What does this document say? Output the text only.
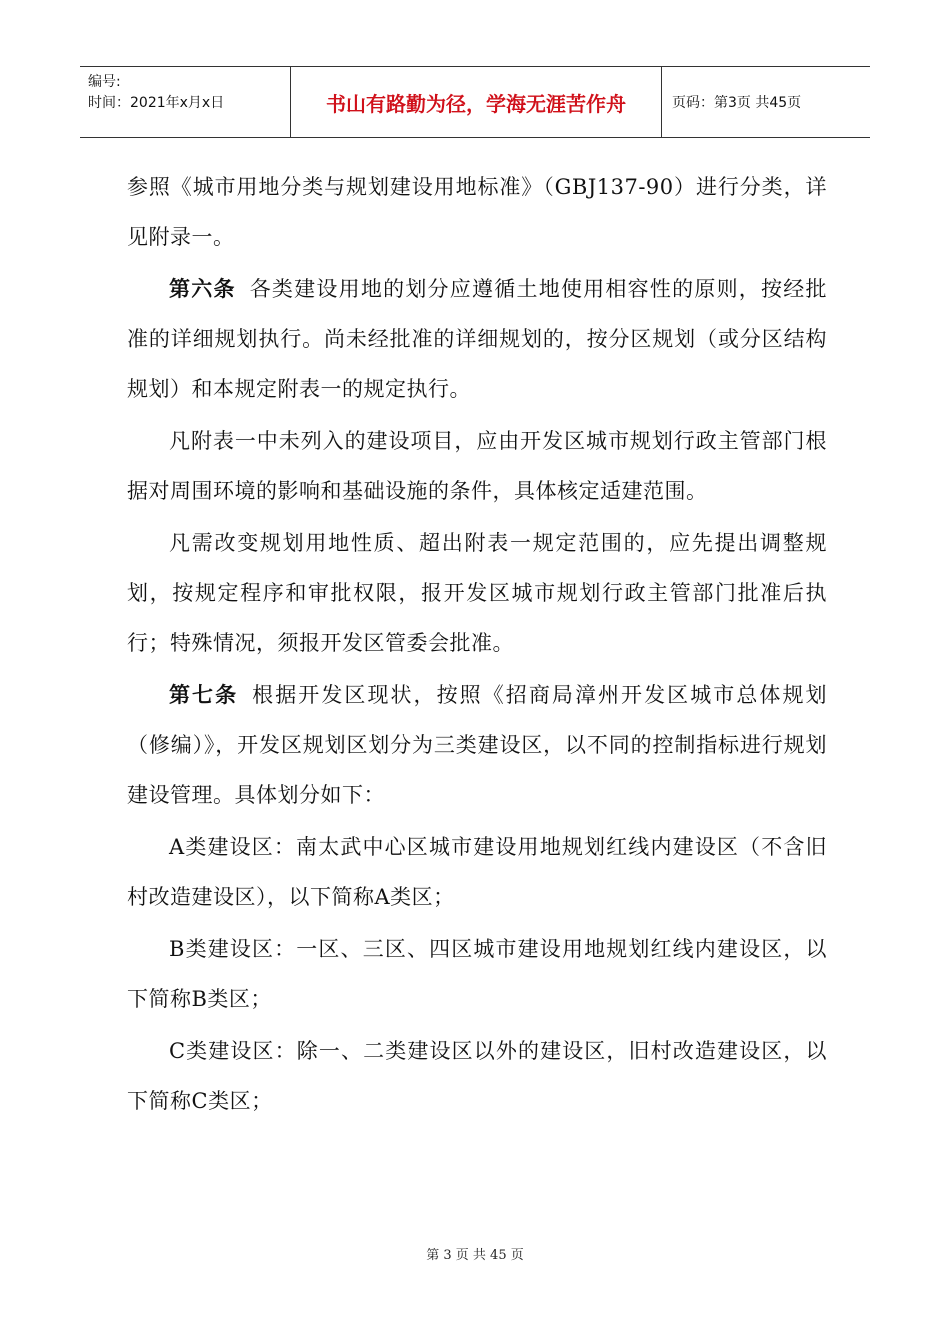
编号:
时间：2021年x月x日	书山有路勤为径，学海无涯苦作舟	页码：第3页 共45页

参照《城市用地分类与规划建设用地标准》（GBJ137-90）进行分类，详见附录一。

第六条 各类建设用地的划分应遵循土地使用相容性的原则，按经批准的详细规划执行。尚未经批准的详细规划的，按分区规划（或分区结构规划）和本规定附表一的规定执行。

凡附表一中未列入的建设项目，应由开发区城市规划行政主管部门根据对周围环境的影响和基础设施的条件，具体核定适建范围。

凡需改变规划用地性质、超出附表一规定范围的，应先提出调整规划，按规定程序和审批权限，报开发区城市规划行政主管部门批准后执行；特殊情况，须报开发区管委会批准。

第七条 根据开发区现状，按照《招商局漳州开发区城市总体规划（修编）》，开发区规划区划分为三类建设区，以不同的控制指标进行规划建设管理。具体划分如下：

A类建设区：南太武中心区城市建设用地规划红线内建设区（不含旧村改造建设区），以下简称A类区；

B类建设区：一区、三区、四区城市建设用地规划红线内建设区，以下简称B类区；

C类建设区：除一、二类建设区以外的建设区，旧村改造建设区，以下简称C类区；

第 3 页 共 45 页
